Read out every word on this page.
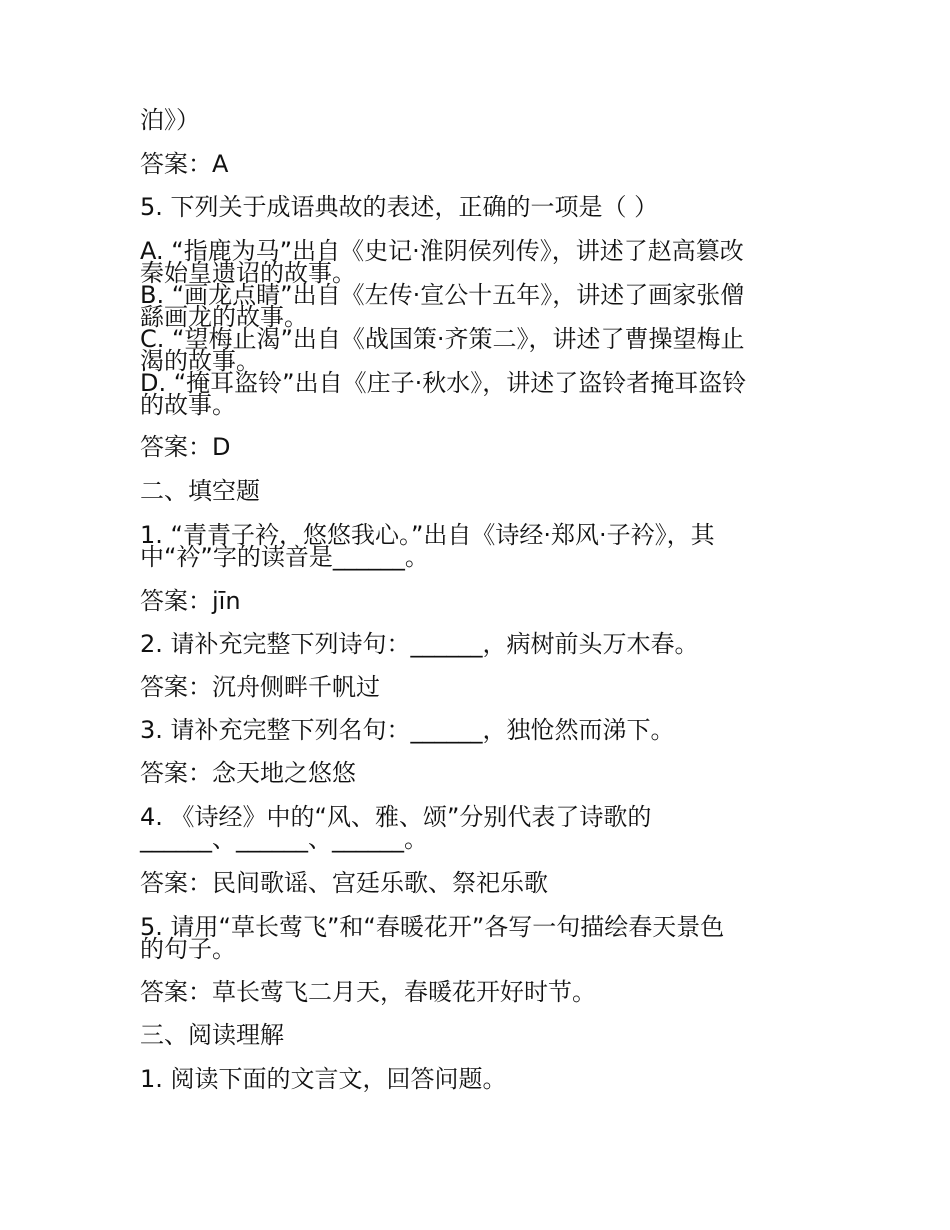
泊》）
答案：A
5. 下列关于成语典故的表述，正确的一项是（ ）
A. “指鹿为马”出自《史记·淮阴侯列传》，讲述了赵高篡改
秦始皇遗诏的故事。
B. “画龙点睛”出自《左传·宣公十五年》，讲述了画家张僧
繇画龙的故事。
C. “望梅止渴”出自《战国策·齐策二》，讲述了曹操望梅止
渴的故事。
D. “掩耳盗铃”出自《庄子·秋水》，讲述了盗铃者掩耳盗铃
的故事。
答案：D
二、填空题
1. “青青子衿，悠悠我心。”出自《诗经·郑风·子衿》，其
中“衿”字的读音是______。
答案：jīn
2. 请补充完整下列诗句：______，病树前头万木春。
答案：沉舟侧畔千帆过
3. 请补充完整下列名句：______，独怆然而涕下。
答案：念天地之悠悠
4. 《诗经》中的“风、雅、颂”分别代表了诗歌的
______、______、______。
答案：民间歌谣、宫廷乐歌、祭祀乐歌
5. 请用“草长莺飞”和“春暖花开”各写一句描绘春天景色
的句子。
答案：草长莺飞二月天，春暖花开好时节。
三、阅读理解
1. 阅读下面的文言文，回答问题。
